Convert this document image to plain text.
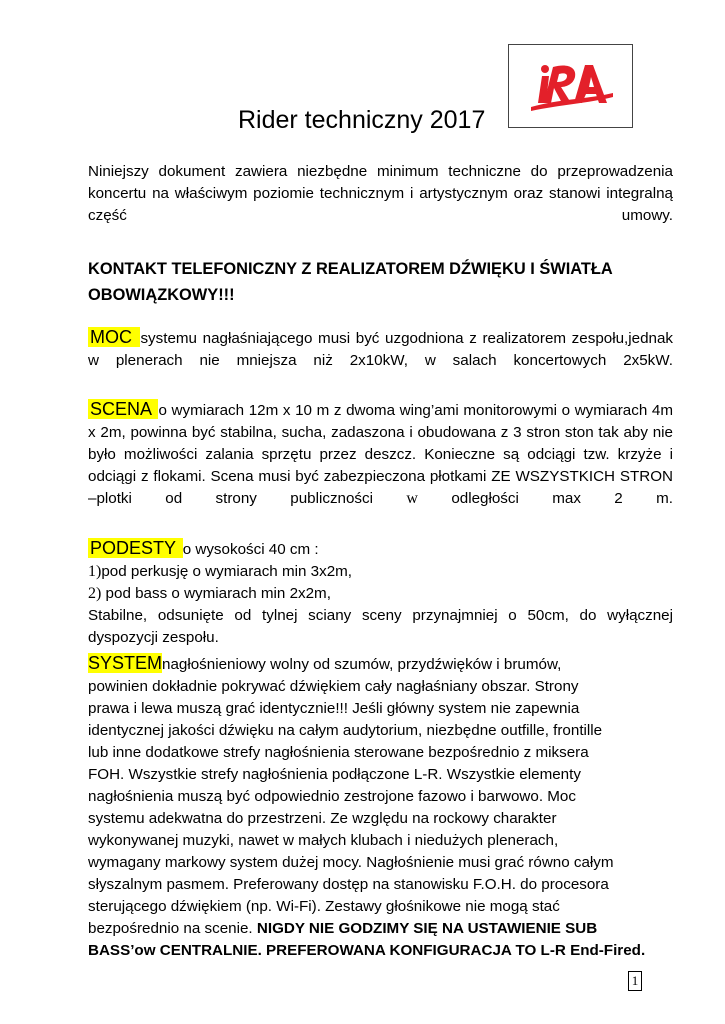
Rider techniczny 2017
Niniejszy dokument zawiera niezbędne minimum techniczne do przeprowadzenia koncertu na właściwym poziomie technicznym i artystycznym oraz stanowi integralną część umowy.
KONTAKT TELEFONICZNY Z REALIZATOREM DŹWIĘKU I ŚWIATŁA
OBOWIĄZKOWY!!!
MOC systemu nagłaśniającego musi być uzgodniona z realizatorem zespołu,jednak w plenerach nie mniejsza niż 2x10kW, w salach koncertowych 2x5kW.
SCENA o wymiarach 12m x 10 m z dwoma wing’ami monitorowymi o wymiarach 4m x 2m, powinna być stabilna, sucha, zadaszona i obudowana z 3 stron ston tak aby nie było możliwości zalania sprzętu przez deszcz. Konieczne są odciągi tzw. krzyże i odciągi z flokami. Scena musi być zabezpieczona płotkami ZE WSZYSTKICH STRON –plotki od strony publiczności w odległości max 2 m.
PODESTY o wysokości 40 cm :
1)pod perkusję o wymiarach min 3x2m,
2) pod bass o wymiarach min 2x2m,
Stabilne, odsunięte od tylnej sciany sceny przynajmniej o 50cm, do wyłącznej dyspozycji zespołu.
SYSTEMnagłośnieniowy wolny od szumów, przydźwięków i brumów,
powinien dokładnie pokrywać dźwiękiem cały nagłaśniany obszar. Strony
prawa i lewa muszą grać identycznie!!! Jeśli główny system nie zapewnia
identycznej jakości dźwięku na całym audytorium, niezbędne outfille, frontille
lub inne dodatkowe strefy nagłośnienia sterowane bezpośrednio z miksera
FOH. Wszystkie strefy nagłośnienia podłączone L-R. Wszystkie elementy
nagłośnienia muszą być odpowiednio zestrojone fazowo i barwowo. Moc
systemu adekwatna do przestrzeni. Ze względu na rockowy charakter
wykonywanej muzyki, nawet w małych klubach i niedużych plenerach,
wymagany markowy system dużej mocy. Nagłośnienie musi grać równo całym
słyszalnym pasmem. Preferowany dostęp na stanowisku F.O.H. do procesora
sterującego dźwiękiem (np. Wi-Fi). Zestawy głośnikowe nie mogą stać
bezpośrednio na scenie. NIGDY NIE GODZIMY SIĘ NA USTAWIENIE SUB
BASS’ow CENTRALNIE. PREFEROWANA KONFIGURACJA TO L-R End-Fired.
1
